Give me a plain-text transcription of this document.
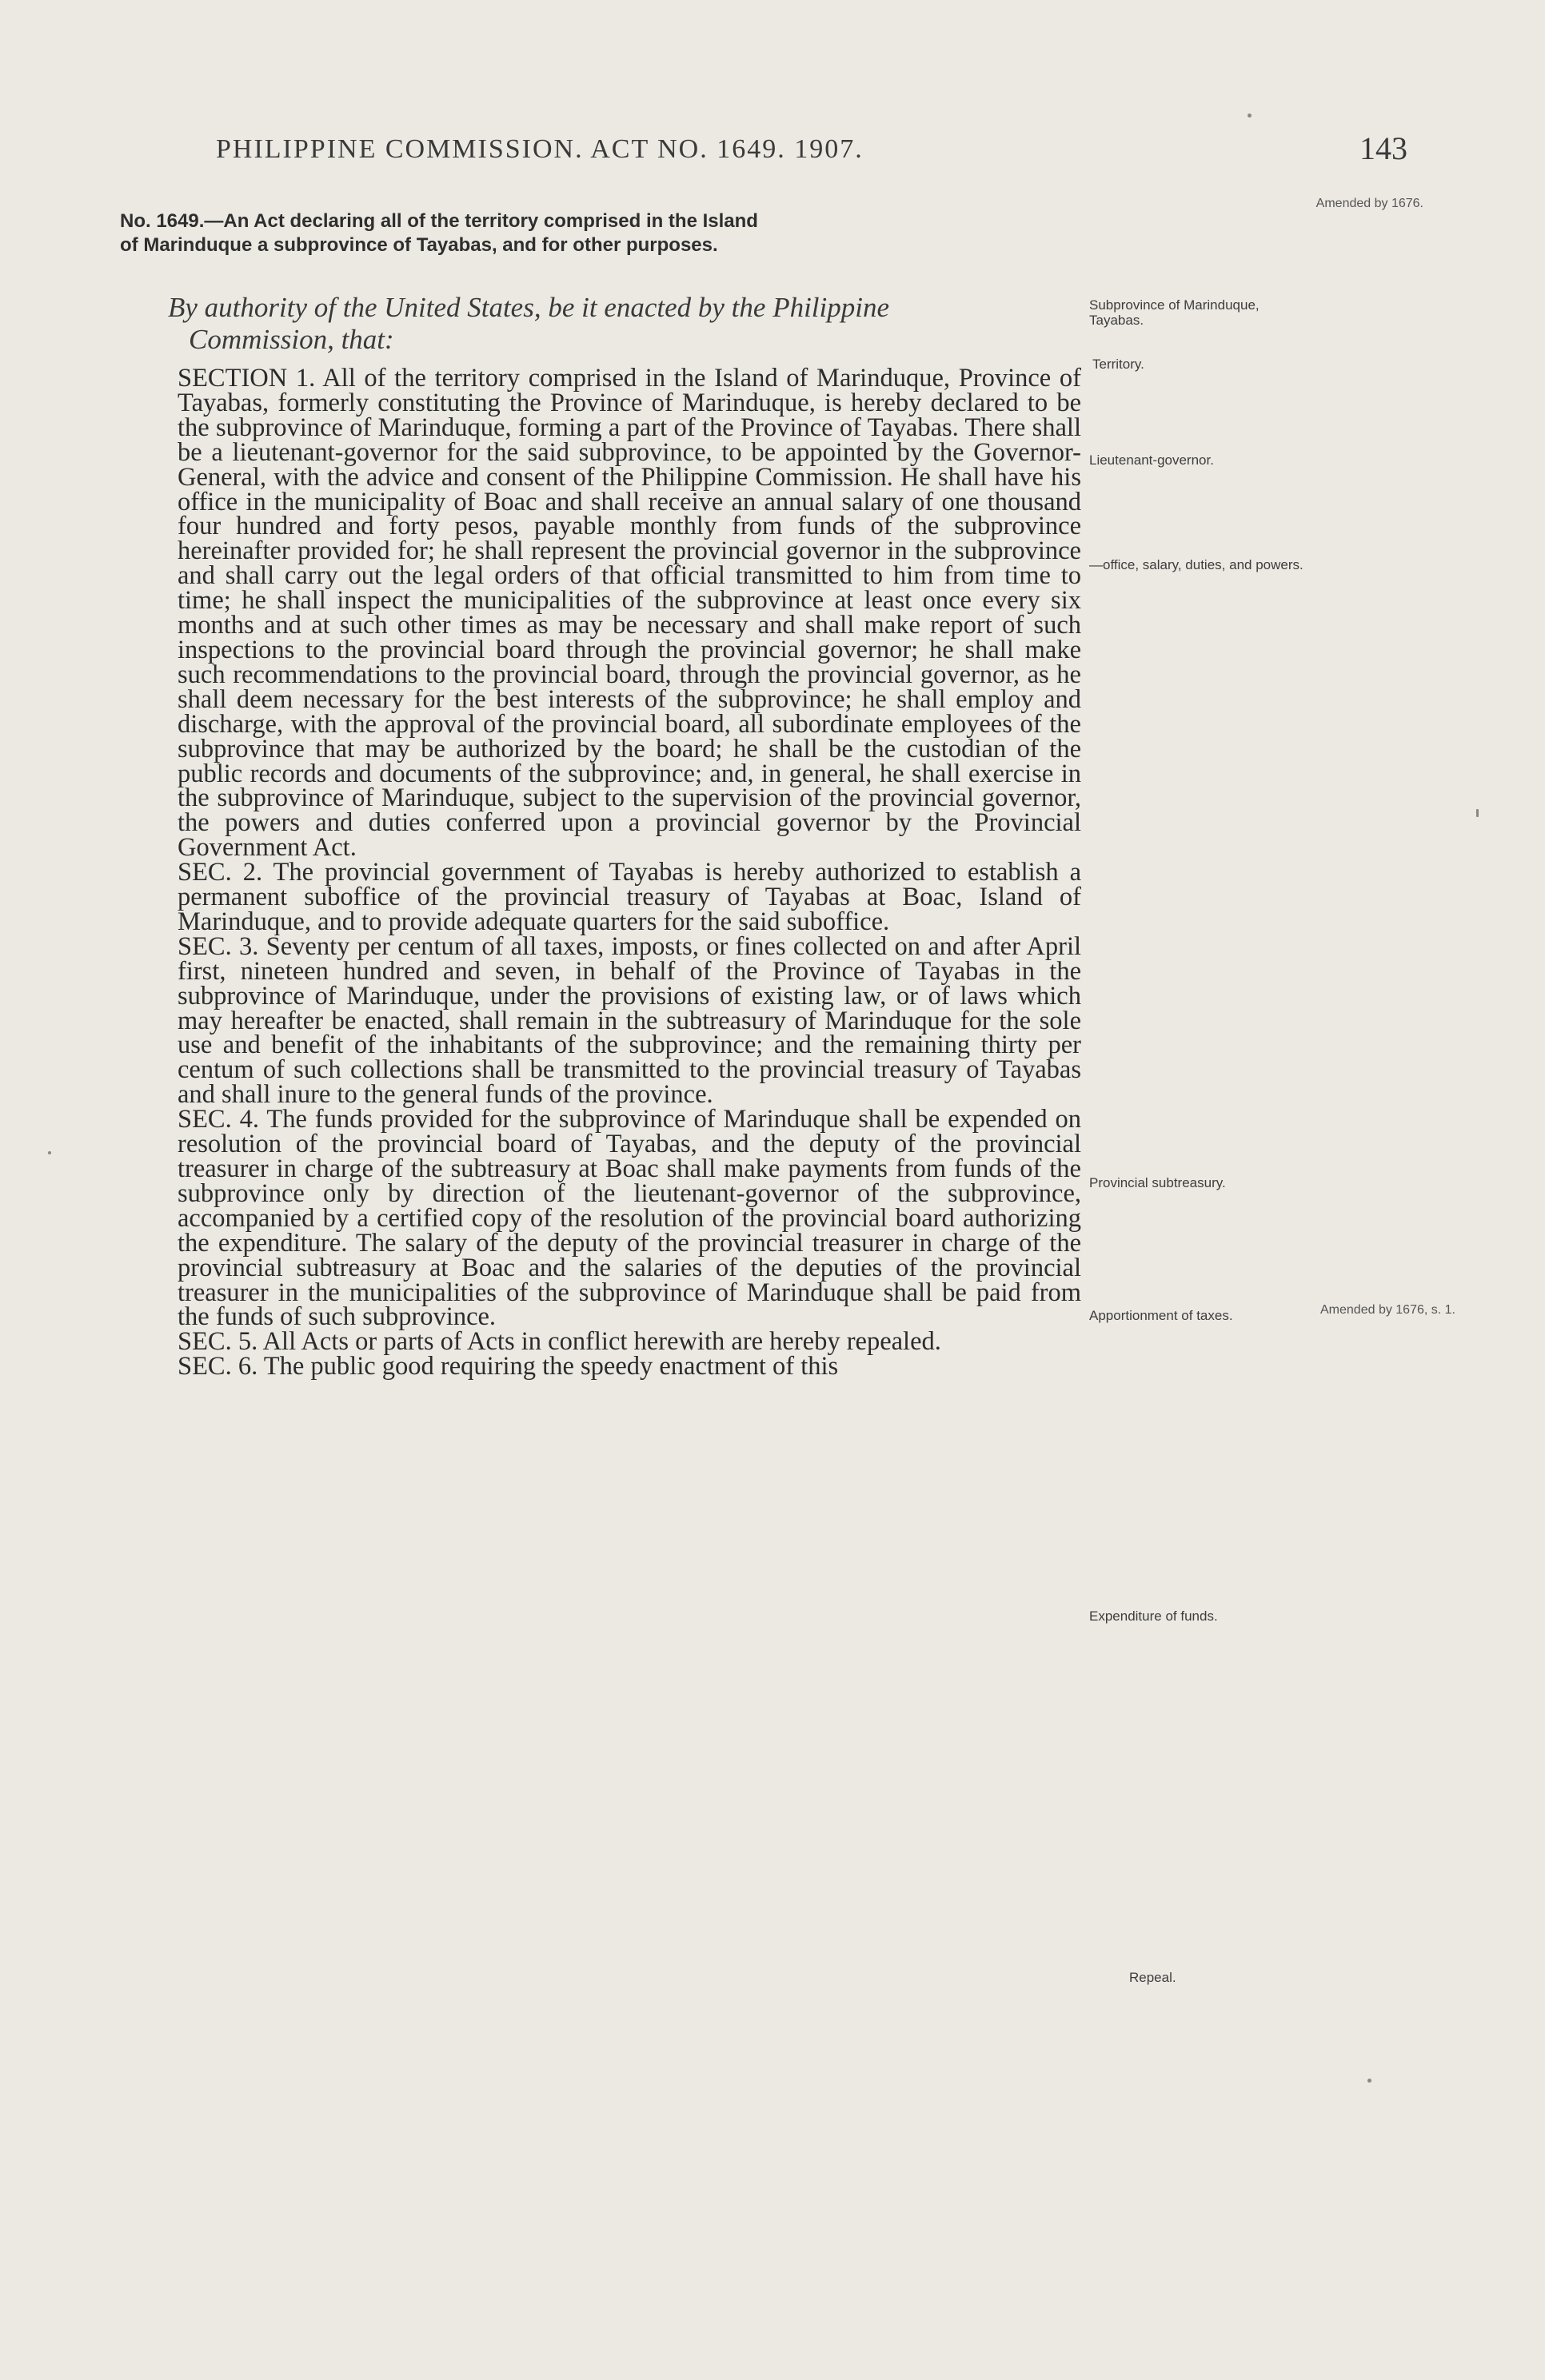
PHILIPPINE COMMISSION. ACT NO. 1649. 1907.	143
No. 1649.—An Act declaring all of the territory comprised in the Island
of Marinduque a subprovince of Tayabas, and for other purposes.
By authority of the United States, be it enacted by the Philippine
Commission, that:

SECTION 1. All of the territory comprised in the Island of Marinduque, Province of Tayabas, formerly constituting the Province of Marinduque, is hereby declared to be the subprovince of Marinduque, forming a part of the Province of Tayabas. There shall be a lieutenant-governor for the said subprovince, to be appointed by the Governor-General, with the advice and consent of the Philippine Commission. He shall have his office in the municipality of Boac and shall receive an annual salary of one thousand four hundred and forty pesos, payable monthly from funds of the subprovince hereinafter provided for; he shall represent the provincial governor in the subprovince and shall carry out the legal orders of that official transmitted to him from time to time; he shall inspect the municipalities of the subprovince at least once every six months and at such other times as may be necessary and shall make report of such inspections to the provincial board through the provincial governor; he shall make such recommendations to the provincial board, through the provincial governor, as he shall deem necessary for the best interests of the subprovince; he shall employ and discharge, with the approval of the provincial board, all subordinate employees of the subprovince that may be authorized by the board; he shall be the custodian of the public records and documents of the subprovince; and, in general, he shall exercise in the subprovince of Marinduque, subject to the supervision of the provincial governor, the powers and duties conferred upon a provincial governor by the Provincial Government Act.

SEC. 2. The provincial government of Tayabas is hereby authorized to establish a permanent suboffice of the provincial treasury of Tayabas at Boac, Island of Marinduque, and to provide adequate quarters for the said suboffice.

SEC. 3. Seventy per centum of all taxes, imposts, or fines collected on and after April first, nineteen hundred and seven, in behalf of the Province of Tayabas in the subprovince of Marinduque, under the provisions of existing law, or of laws which may hereafter be enacted, shall remain in the subtreasury of Marinduque for the sole use and benefit of the inhabitants of the subprovince; and the remaining thirty per centum of such collections shall be transmitted to the provincial treasury of Tayabas and shall inure to the general funds of the province.

SEC. 4. The funds provided for the subprovince of Marinduque shall be expended on resolution of the provincial board of Tayabas, and the deputy of the provincial treasurer in charge of the subtreasury at Boac shall make payments from funds of the subprovince only by direction of the lieutenant-governor of the subprovince, accompanied by a certified copy of the resolution of the provincial board authorizing the expenditure. The salary of the deputy of the provincial treasurer in charge of the provincial subtreasury at Boac and the salaries of the deputies of the provincial treasurer in the municipalities of the subprovince of Marinduque shall be paid from the funds of such subprovince.

SEC. 5. All Acts or parts of Acts in conflict herewith are hereby repealed.

SEC. 6. The public good requiring the speedy enactment of this

Amended by 1676.
Subprovince of Marinduque, Tayabas.
Territory.
Lieutenant-governor.
—office, salary, duties, and powers.
Provincial subtreasury.
Apportionment of taxes.	Amended by 1676, s. 1.
Expenditure of funds.
Repeal.
